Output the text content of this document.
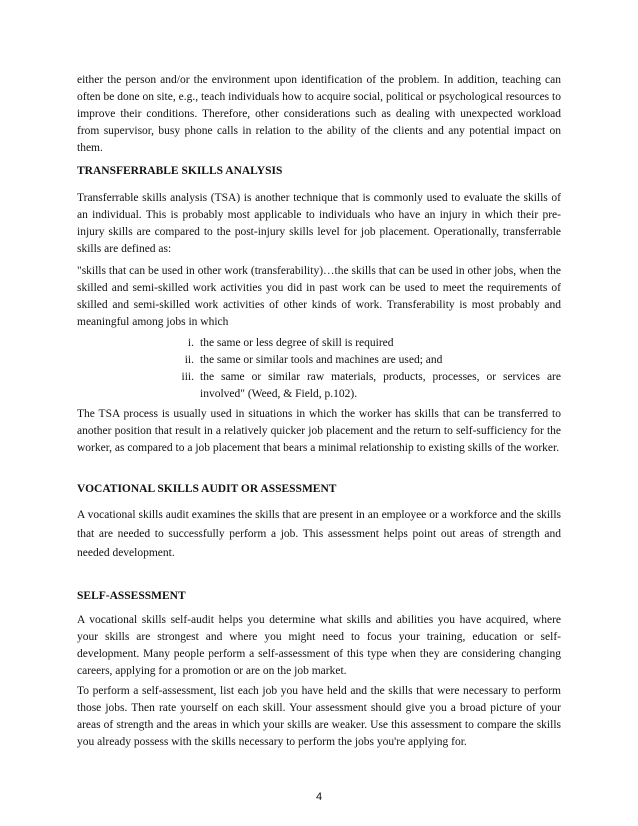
either the person and/or the environment upon identification of the problem. In addition, teaching can often be done on site, e.g., teach individuals how to acquire social, political or psychological resources to improve their conditions. Therefore, other considerations such as dealing with unexpected workload from supervisor, busy phone calls in relation to the ability of the clients and any potential impact on them.

TRANSFERRABLE SKILLS ANALYSIS

Transferrable skills analysis (TSA) is another technique that is commonly used to evaluate the skills of an individual. This is probably most applicable to individuals who have an injury in which their pre-injury skills are compared to the post-injury skills level for job placement. Operationally, transferrable skills are defined as:

"skills that can be used in other work (transferability)…the skills that can be used in other jobs, when the skilled and semi-skilled work activities you did in past work can be used to meet the requirements of skilled and semi-skilled work activities of other kinds of work. Transferability is most probably and meaningful among jobs in which

i. the same or less degree of skill is required
ii. the same or similar tools and machines are used; and
iii. the same or similar raw materials, products, processes, or services are involved" (Weed, & Field, p.102).

The TSA process is usually used in situations in which the worker has skills that can be transferred to another position that result in a relatively quicker job placement and the return to self-sufficiency for the worker, as compared to a job placement that bears a minimal relationship to existing skills of the worker.

VOCATIONAL SKILLS AUDIT OR ASSESSMENT

A vocational skills audit examines the skills that are present in an employee or a workforce and the skills that are needed to successfully perform a job. This assessment helps point out areas of strength and needed development.

SELF-ASSESSMENT

A vocational skills self-audit helps you determine what skills and abilities you have acquired, where your skills are strongest and where you might need to focus your training, education or self-development. Many people perform a self-assessment of this type when they are considering changing careers, applying for a promotion or are on the job market.

To perform a self-assessment, list each job you have held and the skills that were necessary to perform those jobs. Then rate yourself on each skill. Your assessment should give you a broad picture of your areas of strength and the areas in which your skills are weaker. Use this assessment to compare the skills you already possess with the skills necessary to perform the jobs you're applying for.

4
